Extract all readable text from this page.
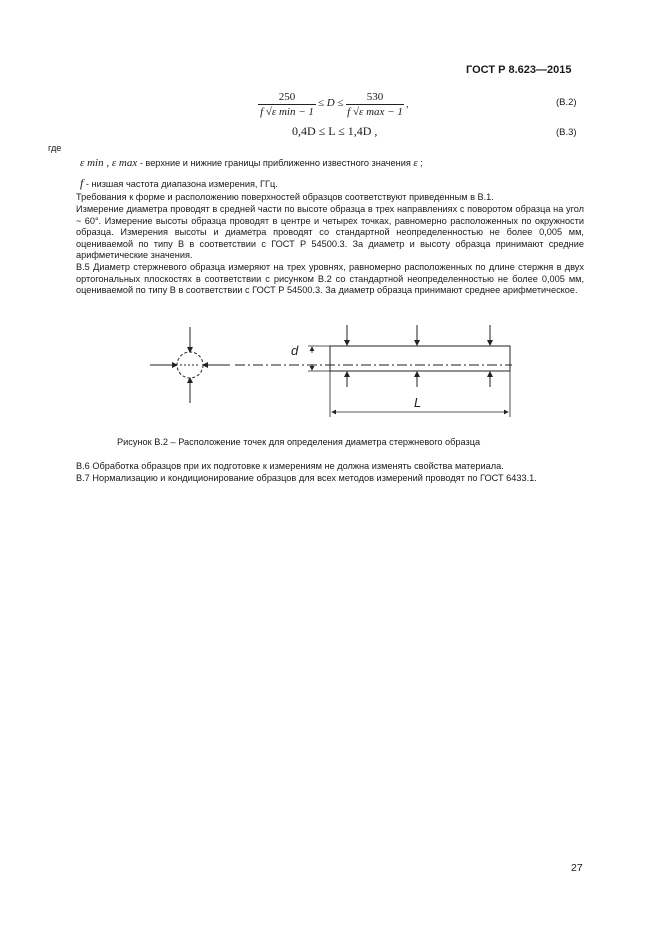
ГОСТ Р 8.623—2015
250
f √ε min − 1
≤ D ≤	530
f √ε max − 1
,	(В.2)
0,4D ≤ L ≤ 1,4D ,	(В.3)
где
ε min , ε max - верхние и нижние границы приближенно известного значения ε ;
f - низшая частота диапазона измерения, ГГц.
Требования к форме и расположению поверхностей образцов соответствуют приведенным в В.1.
Измерение диаметра проводят в средней части по высоте образца в трех направлениях с поворотом образца на угол ~ 60°. Измерение высоты образца проводят в центре и четырех точках, равномерно расположенных по окружности образца. Измерения высоты и диаметра проводят со стандартной неопределенностью не более 0,005 мм, оцениваемой по типу В в соответствии с ГОСТ Р 54500.3. За диаметр и высоту образца принимают средние арифметические значения.
В.5 Диаметр стержневого образца измеряют на трех уровнях, равномерно расположенных по длине стержня в двух ортогональных плоскостях в соответствии с рисунком В.2 со стандартной неопределенностью не более 0,005 мм, оцениваемой по типу В в соответствии с ГОСТ Р 54500.3. За диаметр образца принимают среднее арифметическое.
d
L
Рисунок В.2 – Расположение точек для определения диаметра стержневого образца
В.6 Обработка образцов при их подготовке к измерениям не должна изменять свойства материала.
В.7 Нормализацию и кондиционирование образцов для всех методов измерений проводят по ГОСТ 6433.1.
27
